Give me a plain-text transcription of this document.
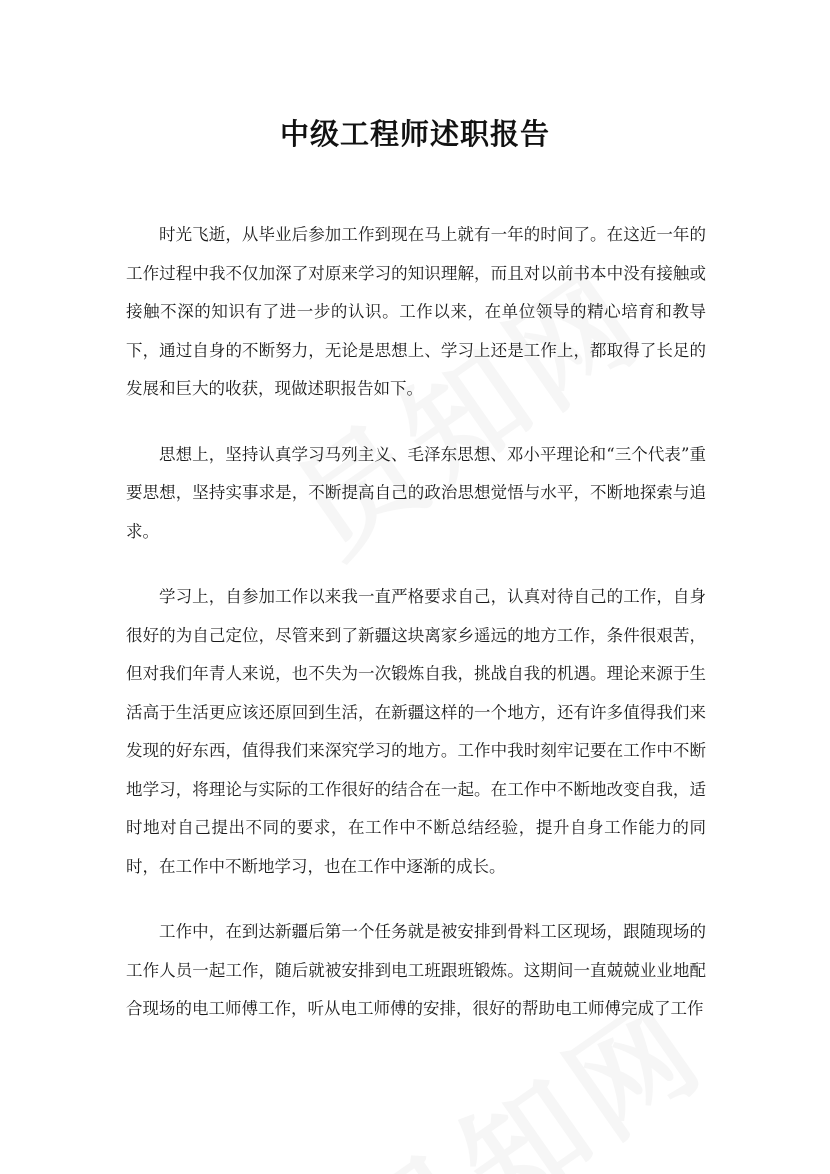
中级工程师述职报告

时光飞逝，从毕业后参加工作到现在马上就有一年的时间了。在这近一年的工作过程中我不仅加深了对原来学习的知识理解，而且对以前书本中没有接触或接触不深的知识有了进一步的认识。工作以来，在单位领导的精心培育和教导下，通过自身的不断努力，无论是思想上、学习上还是工作上，都取得了长足的发展和巨大的收获，现做述职报告如下。

思想上，坚持认真学习马列主义、毛泽东思想、邓小平理论和“三个代表”重要思想，坚持实事求是，不断提高自己的政治思想觉悟与水平，不断地探索与追求。

学习上，自参加工作以来我一直严格要求自己，认真对待自己的工作，自身很好的为自己定位，尽管来到了新疆这块离家乡遥远的地方工作，条件很艰苦，但对我们年青人来说，也不失为一次锻炼自我，挑战自我的机遇。理论来源于生活高于生活更应该还原回到生活，在新疆这样的一个地方，还有许多值得我们来发现的好东西，值得我们来深究学习的地方。工作中我时刻牢记要在工作中不断地学习，将理论与实际的工作很好的结合在一起。在工作中不断地改变自我，适时地对自己提出不同的要求，在工作中不断总结经验，提升自身工作能力的同时，在工作中不断地学习，也在工作中逐渐的成长。

工作中，在到达新疆后第一个任务就是被安排到骨料工区现场，跟随现场的工作人员一起工作，随后就被安排到电工班跟班锻炼。这期间一直兢兢业业地配合现场的电工师傅工作，听从电工师傅的安排，很好的帮助电工师傅完成了工作
